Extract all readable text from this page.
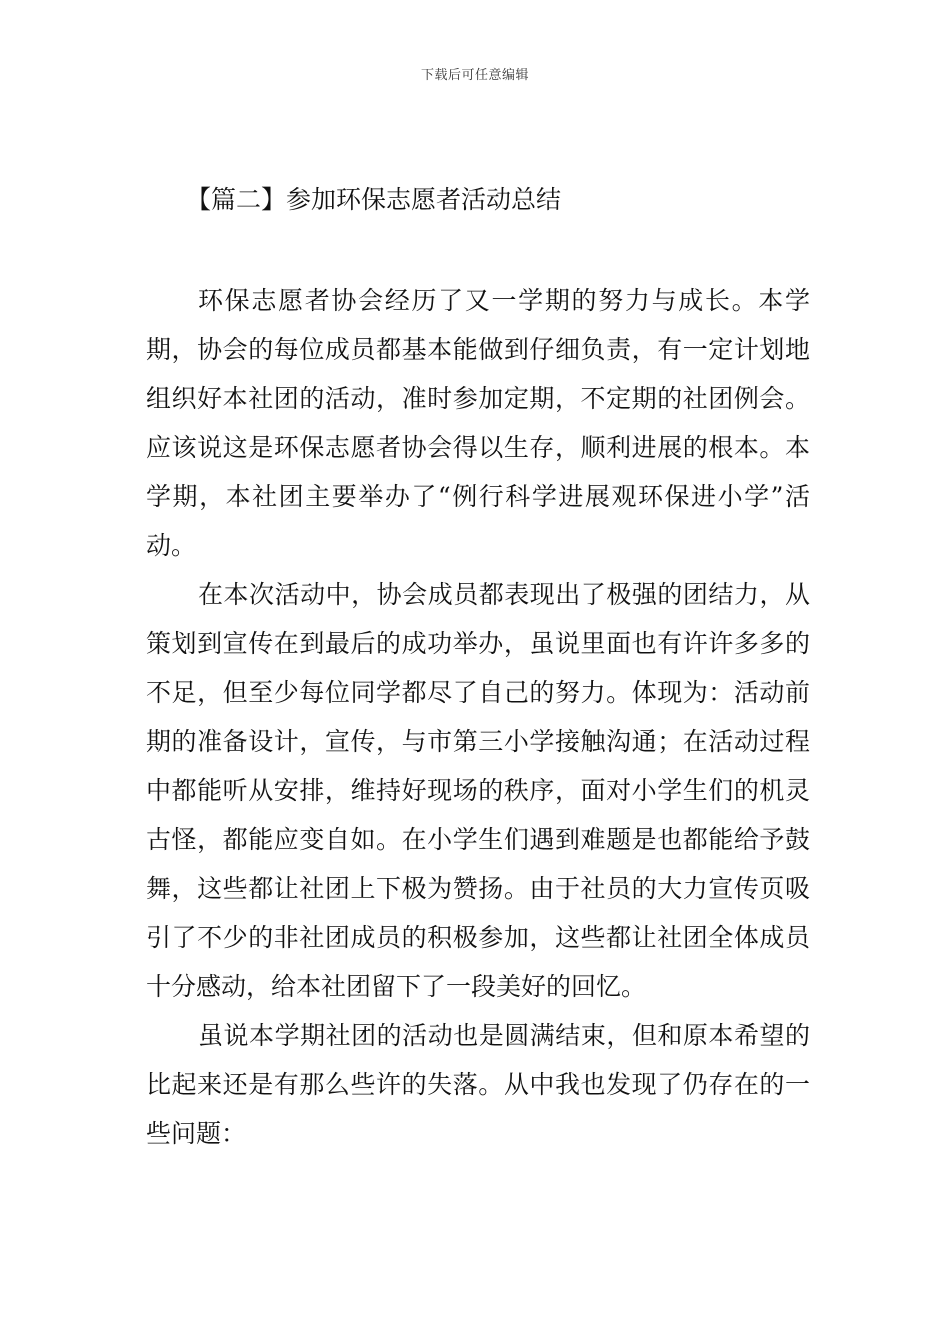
下载后可任意编辑
【篇二】参加环保志愿者活动总结

环保志愿者协会经历了又一学期的努力与成长。本学期，协会的每位成员都基本能做到仔细负责，有一定计划地组织好本社团的活动，准时参加定期，不定期的社团例会。应该说这是环保志愿者协会得以生存，顺利进展的根本。本学期，本社团主要举办了“例行科学进展观环保进小学”活动。

在本次活动中，协会成员都表现出了极强的团结力，从策划到宣传在到最后的成功举办，虽说里面也有许许多多的不足，但至少每位同学都尽了自己的努力。体现为：活动前期的准备设计，宣传，与市第三小学接触沟通；在活动过程中都能听从安排，维持好现场的秩序，面对小学生们的机灵古怪，都能应变自如。在小学生们遇到难题是也都能给予鼓舞，这些都让社团上下极为赞扬。由于社员的大力宣传页吸引了不少的非社团成员的积极参加，这些都让社团全体成员十分感动，给本社团留下了一段美好的回忆。

虽说本学期社团的活动也是圆满结束，但和原本希望的比起来还是有那么些许的失落。从中我也发现了仍存在的一些问题：
